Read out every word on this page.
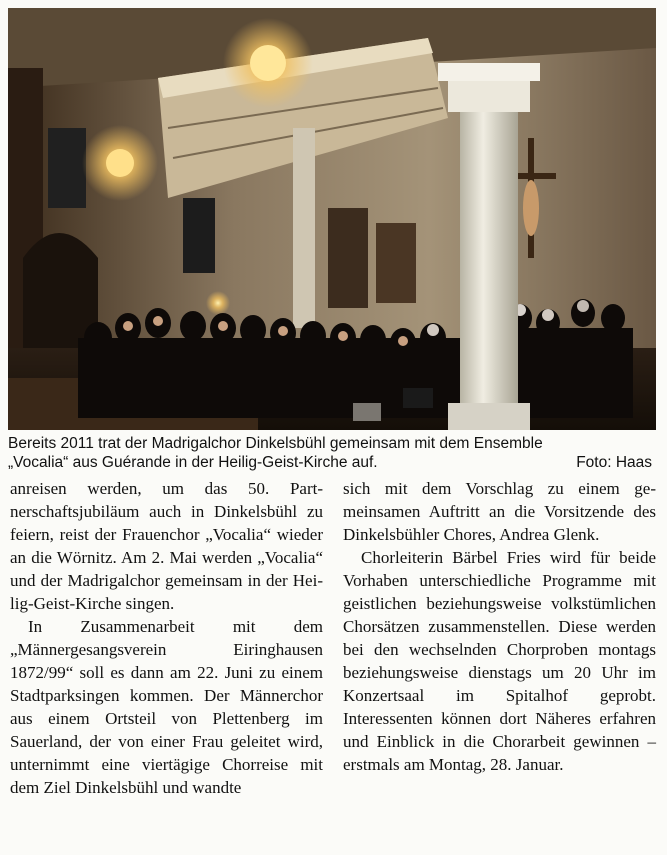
Bereits 2011 trat der Madrigalchor Dinkelsbühl gemeinsam mit dem Ensemble
„Vocalia“ aus Guérande in der Heilig-Geist-Kirche auf.	Foto: Haas

anreisen werden, um das 50. Partnerschaftsjubiläum auch in Dinkelsbühl zu feiern, reist der Frauenchor „Vocalia“ wieder an die Wörnitz. Am 2. Mai werden „Vocalia“ und der Madrigalchor gemeinsam in der Heilig-Geist-Kirche singen.

In Zusammenarbeit mit dem „Männergesangsverein Eiringhausen 1872/99“ soll es dann am 22. Juni zu einem Stadtparksingen kommen. Der Männerchor aus einem Ortsteil von Plettenberg im Sauerland, der von einer Frau geleitet wird, unternimmt eine viertägige Chorreise mit dem Ziel Dinkelsbühl und wandte

sich mit dem Vorschlag zu einem gemeinsamen Auftritt an die Vorsitzende des Dinkelsbühler Chores, Andrea Glenk.

Chorleiterin Bärbel Fries wird für beide Vorhaben unterschiedliche Programme mit geistlichen beziehungsweise volkstümlichen Chorsätzen zusammenstellen. Diese werden bei den wechselnden Chorproben montags beziehungsweise dienstags um 20 Uhr im Konzertsaal im Spitalhof geprobt. Interessenten können dort Näheres erfahren und Einblick in die Chorarbeit gewinnen – erstmals am Montag, 28. Januar.
